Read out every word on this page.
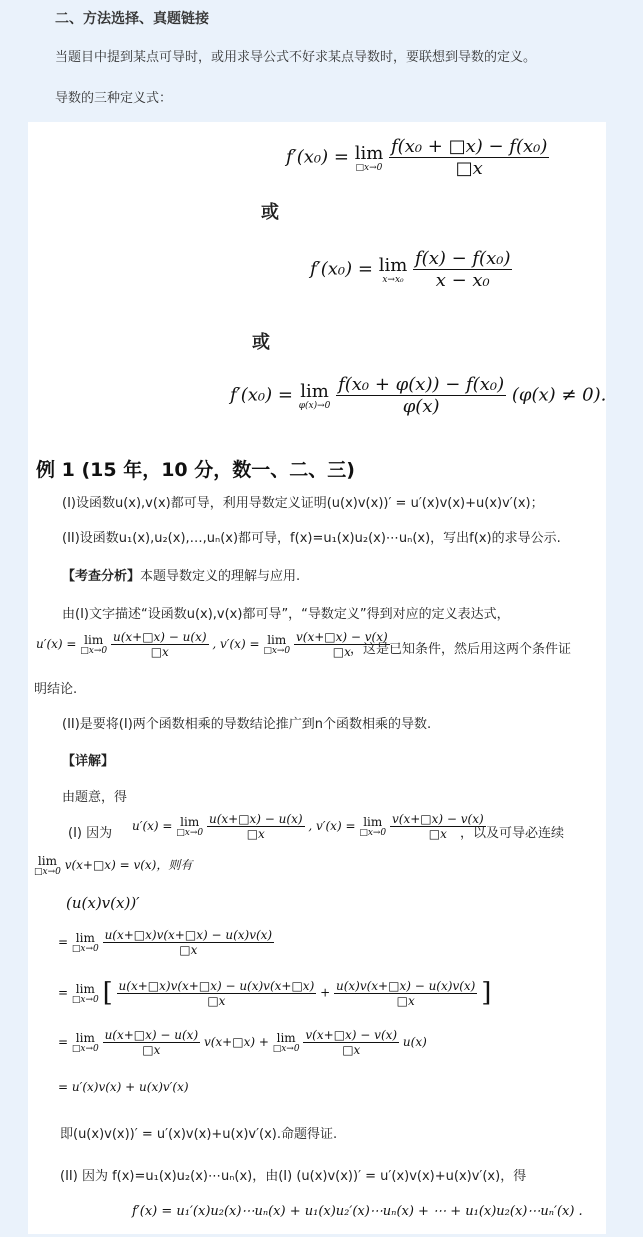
二、方法选择、真题链接
当题目中提到某点可导时，或用求导公式不好求某点导数时，要联想到导数的定义。
导数的三种定义式：
f′(x₀) = lim
□x→0
$\frac{\text{f(x₀ + □x) − f(x₀)}}{□x}$
或
f′(x₀) = lim
x→x₀
$\frac{\text{f(x) − f(x₀)}}{\text{x − x₀}}$
或
f′(x₀) = lim
φ(x)→0
$\frac{\text{f(x₀ + φ(x)) − f(x₀)}}{\varphi(x)} (\varphi(x) \ne 0)$.
例 1 (15 年，10 分，数一、二、三)
(I)设函数u(x),v(x)都可导，利用导数定义证明(u(x)v(x))′ = u′(x)v(x)+u(x)v′(x)；
(II)设函数u₁(x),u₂(x),…,uₙ(x)都可导，f(x)=u₁(x)u₂(x)⋯uₙ(x)，写出f(x)的求导公示.
【考查分析】本题导数定义的理解与应用.
由(I)文字描述“设函数u(x),v(x)都可导”，“导数定义”得到对应的定义表达式，
u′(x) = lim
□x→0
$\frac{u(x+□x) - u(x)}{□x}$ , v′(x) = lim
□x→0
$\frac{v(x+□x) - v(x)}{□x}$
，这是已知条件，然后用这两个条件证
明结论.
(II)是要将(I)两个函数相乘的导数结论推广到n个函数相乘的导数.
【详解】
由题意，得
(I) 因为 u′(x) = lim
□x→0
$\frac{u(x+□x) - u(x)}{□x}$ , v′(x) = lim
□x→0
$\frac{v(x+□x) - v(x)}{□x}$
，以及可导必连续
lim
□x→0 v(x+□x) = v(x)，则有
(u(x)v(x))′
= lim
□x→0
$\frac{u(x+□x)v(x+□x) - u(x)v(x)}{□x}$
= lim
□x→0 [ $\frac{u(x+□x)v(x+□x) - u(x)v(x+□x)}{□x} + \frac{u(x)v(x+□x) - u(x)v(x)}{□x}$ ]
= lim
□x→0
$\frac{u(x+□x) - u(x)}{□x}$ v(x+□x) + lim
□x→0
$\frac{v(x+□x) - v(x)}{□x} u(x)$
= u′(x)v(x) + u(x)v′(x)
即(u(x)v(x))′ = u′(x)v(x)+u(x)v′(x).命题得证.
(II) 因为 f(x)=u₁(x)u₂(x)⋯uₙ(x)，由(I) (u(x)v(x))′ = u′(x)v(x)+u(x)v′(x)，得
f′(x) = u₁′(x)u₂(x)⋯uₙ(x) + u₁(x)u₂′(x)⋯uₙ(x) + ⋯ + u₁(x)u₂(x)⋯uₙ′(x) .
